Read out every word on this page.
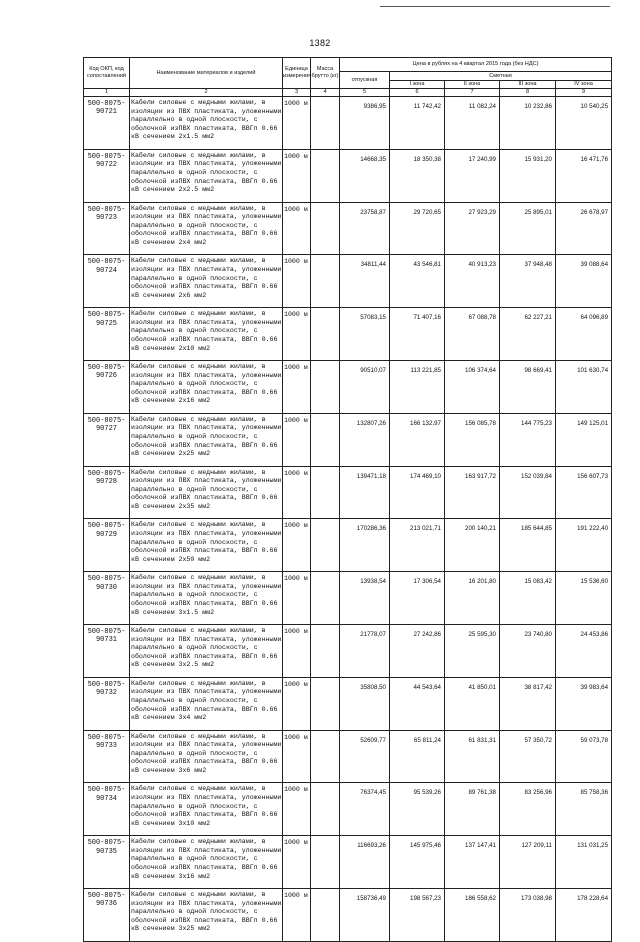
1382
Код ОКП, код сопоставлений	Наименование материалов и изделий	Единица измерения	Масса брутто (кг)	Цена в рублях на 4 квартал 2015 года (без НДС)				
				отпускная	Сметная			
					I зона	II зона	III зона	IV зона
1	2	3	4	5	6	7	8	9
500-8075-90721	Кабели силовые с медными жилами, в изоляции из ПВХ пластиката, уложенными параллельно в одной плоскости, с оболочкой изПВХ пластиката, ВВГп 0.66 кВ сечением 2х1.5 мм2	1000 м		9386,95	11 742,42	11 082,24	10 232,86	10 540,25
500-8075-90722	Кабели силовые с медными жилами, в изоляции из ПВХ пластиката, уложенными параллельно в одной плоскости, с оболочкой изПВХ пластиката, ВВГп 0.66 кВ сечением 2х2.5 мм2	1000 м		14668,35	18 350,38	17 240,99	15 931,20	16 471,76
500-8075-90723	Кабели силовые с медными жилами, в изоляции из ПВХ пластиката, уложенными параллельно в одной плоскости, с оболочкой изПВХ пластиката, ВВГп 0.66 кВ сечением 2х4 мм2	1000 м		23758,87	29 720,65	27 923,29	25 895,01	26 678,97
500-8075-90724	Кабели силовые с медными жилами, в изоляции из ПВХ пластиката, уложенными параллельно в одной плоскости, с оболочкой изПВХ пластиката, ВВГп 0.66 кВ сечением 2х6 мм2	1000 м		34811,44	43 546,81	40 913,23	37 948,48	39 088,64
500-8075-90725	Кабели силовые с медными жилами, в изоляции из ПВХ пластиката, уложенными параллельно в одной плоскости, с оболочкой изПВХ пластиката, ВВГп 0.66 кВ сечением 2х10 мм2	1000 м		57083,15	71 407,16	67 088,78	62 227,21	64 096,89
500-8075-90726	Кабели силовые с медными жилами, в изоляции из ПВХ пластиката, уложенными параллельно в одной плоскости, с оболочкой изПВХ пластиката, ВВГп 0.66 кВ сечением 2х16 мм2	1000 м		90510,07	113 221,85	106 374,64	98 669,41	101 630,74
500-8075-90727	Кабели силовые с медными жилами, в изоляции из ПВХ пластиката, уложенными параллельно в одной плоскости, с оболочкой изПВХ пластиката, ВВГп 0.66 кВ сечением 2х25 мм2	1000 м		132807,26	166 132,97	156 085,78	144 775,23	149 125,01
500-8075-90728	Кабели силовые с медными жилами, в изоляции из ПВХ пластиката, уложенными параллельно в одной плоскости, с оболочкой изПВХ пластиката, ВВГп 0.66 кВ сечением 2х35 мм2	1000 м		139471,18	174 469,10	163 917,72	152 039,84	156 607,73
500-8075-90729	Кабели силовые с медными жилами, в изоляции из ПВХ пластиката, уложенными параллельно в одной плоскости, с оболочкой изПВХ пластиката, ВВГп 0.66 кВ сечением 2х50 мм2	1000 м		170286,36	213 021,71	200 140,21	185 644,85	191 222,40
500-8075-90730	Кабели силовые с медными жилами, в изоляции из ПВХ пластиката, уложенными параллельно в одной плоскости, с оболочкой изПВХ пластиката, ВВГп 0.66 кВ сечением 3х1.5 мм2	1000 м		13938,54	17 306,54	16 201,80	15 083,42	15 536,60
500-8075-90731	Кабели силовые с медными жилами, в изоляции из ПВХ пластиката, уложенными параллельно в одной плоскости, с оболочкой изПВХ пластиката, ВВГп 0.66 кВ сечением 3х2.5 мм2	1000 м		21778,07	27 242,86	25 595,30	23 740,80	24 453,86
500-8075-90732	Кабели силовые с медными жилами, в изоляции из ПВХ пластиката, уложенными параллельно в одной плоскости, с оболочкой изПВХ пластиката, ВВГп 0.66 кВ сечением 3х4 мм2	1000 м		35808,50	44 543,64	41 850,01	38 817,42	39 983,64
500-8075-90733	Кабели силовые с медными жилами, в изоляции из ПВХ пластиката, уложенными параллельно в одной плоскости, с оболочкой изПВХ пластиката, ВВГп 0.66 кВ сечением 3х6 мм2	1000 м		52609,77	65 811,24	61 831,31	57 350,72	59 073,78
500-8075-90734	Кабели силовые с медными жилами, в изоляции из ПВХ пластиката, уложенными параллельно в одной плоскости, с оболочкой изПВХ пластиката, ВВГп 0.66 кВ сечением 3х10 мм2	1000 м		76374,45	95 539,26	89 761,38	83 256,96	85 758,36
500-8075-90735	Кабели силовые с медными жилами, в изоляции из ПВХ пластиката, уложенными параллельно в одной плоскости, с оболочкой изПВХ пластиката, ВВГп 0.66 кВ сечением 3х16 мм2	1000 м		116693,26	145 975,46	137 147,41	127 209,11	131 031,25
500-8075-90736	Кабели силовые с медными жилами, в изоляции из ПВХ пластиката, уложенными параллельно в одной плоскости, с оболочкой изПВХ пластиката, ВВГп 0.66 кВ сечением 3х25 мм2	1000 м		158736,49	198 567,23	186 558,62	173 038,98	178 228,64
